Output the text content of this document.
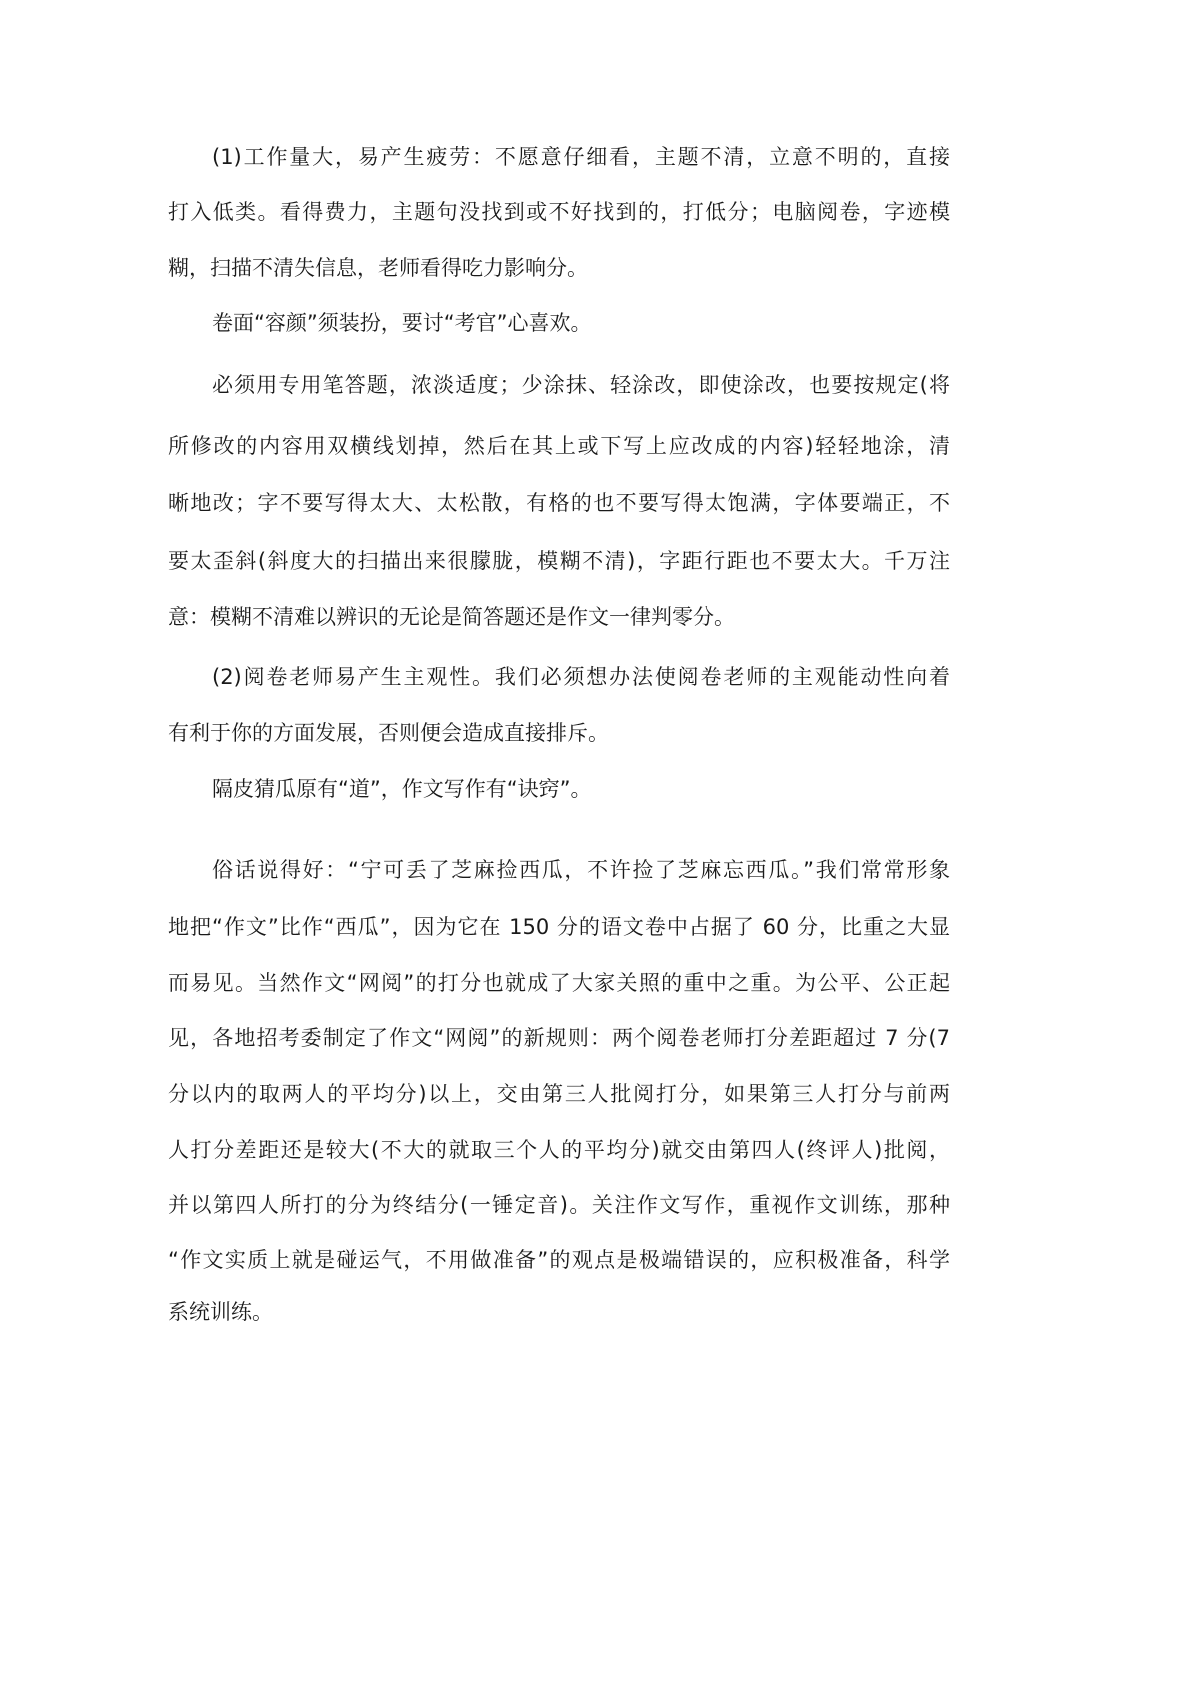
(1)工作量大，易产生疲劳：不愿意仔细看，主题不清，立意不明的，直接
打入低类。看得费力，主题句没找到或不好找到的，打低分；电脑阅卷，字迹模
糊，扫描不清失信息，老师看得吃力影响分。
卷面“容颜”须装扮，要讨“考官”心喜欢。
必须用专用笔答题，浓淡适度；少涂抹、轻涂改，即使涂改，也要按规定(将
所修改的内容用双横线划掉，然后在其上或下写上应改成的内容)轻轻地涂，清
晰地改；字不要写得太大、太松散，有格的也不要写得太饱满，字体要端正，不
要太歪斜(斜度大的扫描出来很朦胧，模糊不清)，字距行距也不要太大。千万注
意：模糊不清难以辨识的无论是简答题还是作文一律判零分。
(2)阅卷老师易产生主观性。我们必须想办法使阅卷老师的主观能动性向着
有利于你的方面发展，否则便会造成直接排斥。
隔皮猜瓜原有“道”，作文写作有“诀窍”。
俗话说得好：“宁可丢了芝麻捡西瓜，不许捡了芝麻忘西瓜。”我们常常形象
地把“作文”比作“西瓜”，因为它在 150 分的语文卷中占据了 60 分，比重之大显
而易见。当然作文“网阅”的打分也就成了大家关照的重中之重。为公平、公正起
见，各地招考委制定了作文“网阅”的新规则：两个阅卷老师打分差距超过 7 分(7
分以内的取两人的平均分)以上，交由第三人批阅打分，如果第三人打分与前两
人打分差距还是较大(不大的就取三个人的平均分)就交由第四人(终评人)批阅，
并以第四人所打的分为终结分(一锤定音)。关注作文写作，重视作文训练，那种
“作文实质上就是碰运气，不用做准备”的观点是极端错误的，应积极准备，科学
系统训练。
